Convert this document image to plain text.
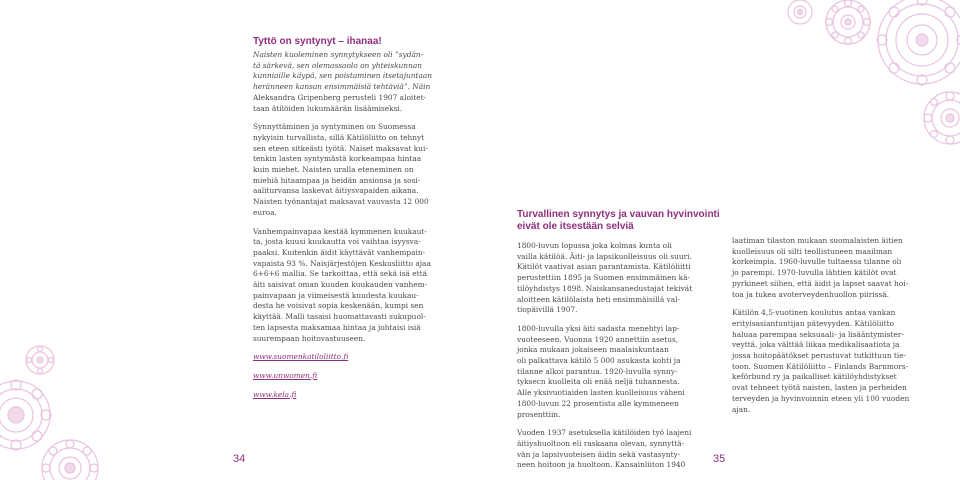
Tyttö on syntynyt – ihanaa!

Naisten kuoleminen synnytykseen oli ”sydän-
tä särkevä, sen olemassaolo on yhteiskunnan
kunniaille käypä, sen poistaminen itsetajuntaan
heränneen kansan ensimmäisiä tehtäviä”. Näin
Aleksandra Gripenberg perusteli 1907 aloitet-
taan ätilöiden lukumäärän lisäämiseksi.

Synnyttäminen ja syntyminen on Suomessa
nykyisin turvallista, sillä Kätilöliitto on tehnyt
sen eteen sitkeästi työtä. Naiset maksavat kui-
tenkin lasten syntymästä korkeampaa hintaa
kuin miehet. Naisten uralla eteneminen on
miehiä hitaampaa ja heidän ansionsa ja sosi-
aaliturvansa laskevat äitiysvapaiden aikana.
Naisten työnantajat maksavat vauvasta 12 000
euroa.

Vanhempainvapaa kestää kymmenen kuukaut-
ta, josta kuusi kuukautta voi vaihtaa isyysva-
paaksi. Kuitenkin äidit käyttävät vanhempain-
vapaista 93 %. Naisjärjestöjen Keskusliitto ajaa
6+6+6 mallia. Se tarkoittaa, että sekä isä että
äiti saisivat oman kuuden kuukauden vanhem-
painvapaan ja viimeisestä kuudesta kuukau-
desta he voisivat sopia keskenään, kumpi sen
käyttää. Malli tasaisi huomattavasti sukupuol-
ten lapsesta maksamaa hintaa ja johtaisi isiä
suurempaan hoitovastuuseen.

www.suomenkatiloliitto.fi
www.unwomen.fi
www.kela.fi
34
Turvallinen synnytys ja vauvan hyvinvointi
eivät ole itsestään selviä

1800-luvun lopussa joka kolmas kunta oli
vailla kätilöä. Äiti- ja lapsikuolleisuus oli suuri.
Kätilöt vaativat asian parantamista. Kätilöliitti
perustettiin 1895 ja Suomen ensimmäinen kä-
tilöyhdistys 1898. Naiskansanedustajat tekivät
aloitteen kätilölaista heti ensimmäisillä val-
tiopäivillä 1907.

1800-luvulla yksi äiti sadasta menehtyi lap-
vuoteeseen. Vuonna 1920 annettiin asetus,
jonka mukaan jokaiseen maalaiskuntaan
oli palkattava kätilö 5 000 asukasta kohti ja
tilanne alkoi parantua. 1920-luvulla synny-
tyksecn kuolleita oli enää neljä tuhannesta.
Alle yksivuotiaiden lasten kuolleisuus väheni
1800-luvun 22 prosentista alle kymmeneen
prosenttiin.

Vuoden 1937 asetuksella kätilöiden työ laajeni
äitiyshuoltoon eli raskaana olevan, synnyttä-
vän ja lapsivuoteisen äidin sekä vastasynty-
neen hoitoon ja huoltoon. Kansainliiton 1940

laatiman tilaston mukaan suomalaisten äitien
kuolleisuus oli silti teollistuneen maailman
korkeimpia. 1960-luvulle tultaessa tilanne oli
jo parempi. 1970-luvulla lähtien kätilöt ovat
pyrkineet siihen, että äidit ja lapset saavat hoi-
toa ja tukea avoterveydenhuollon piirissä.

Kätilön 4,5-vuotinen koulutus antaa vankan
erityisasiantuntijan pätevyyden. Kätilöliitto
haluaa parempaa seksuaali- ja lisääntymister-
veyttä, joka välttää liikaa medikalisaatiota ja
jossa hoitopäätökset perustuvat tutkittuun tie-
toon. Suomen Kätilöliitto – Finlands Barnmors-
keförbund ry ja paikalliset kätilöyhdistykset
ovat tehneet työtä naisten, lasten ja perheiden
terveyden ja hyvinvoinnin eteen yli 100 vuoden
ajan.

35
